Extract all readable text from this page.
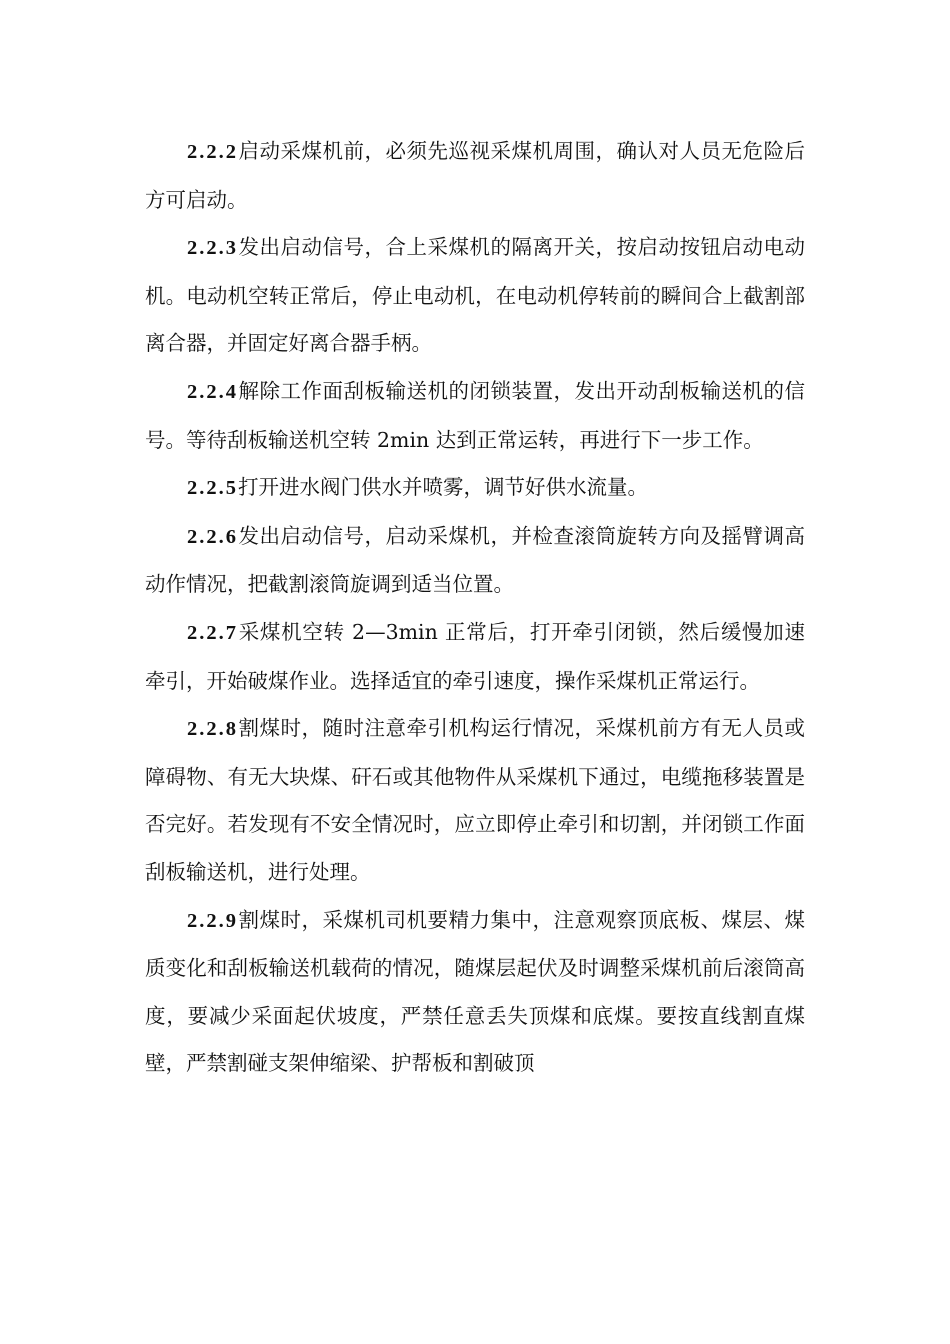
2.2.2启动采煤机前，必须先巡视采煤机周围，确认对人员无危险后方可启动。

2.2.3发出启动信号，合上采煤机的隔离开关，按启动按钮启动电动机。电动机空转正常后，停止电动机，在电动机停转前的瞬间合上截割部离合器，并固定好离合器手柄。

2.2.4解除工作面刮板输送机的闭锁装置，发出开动刮板输送机的信号。等待刮板输送机空转 2min 达到正常运转，再进行下一步工作。

2.2.5打开进水阀门供水并喷雾，调节好供水流量。

2.2.6发出启动信号，启动采煤机，并检查滚筒旋转方向及摇臂调高动作情况，把截割滚筒旋调到适当位置。

2.2.7采煤机空转 2—3min 正常后，打开牵引闭锁，然后缓慢加速牵引，开始破煤作业。选择适宜的牵引速度，操作采煤机正常运行。

2.2.8割煤时，随时注意牵引机构运行情况，采煤机前方有无人员或障碍物、有无大块煤、矸石或其他物件从采煤机下通过，电缆拖移装置是否完好。若发现有不安全情况时，应立即停止牵引和切割，并闭锁工作面刮板输送机，进行处理。

2.2.9割煤时，采煤机司机要精力集中，注意观察顶底板、煤层、煤质变化和刮板输送机载荷的情况，随煤层起伏及时调整采煤机前后滚筒高度，要减少采面起伏坡度，严禁任意丢失顶煤和底煤。要按直线割直煤壁，严禁割碰支架伸缩梁、护帮板和割破顶
